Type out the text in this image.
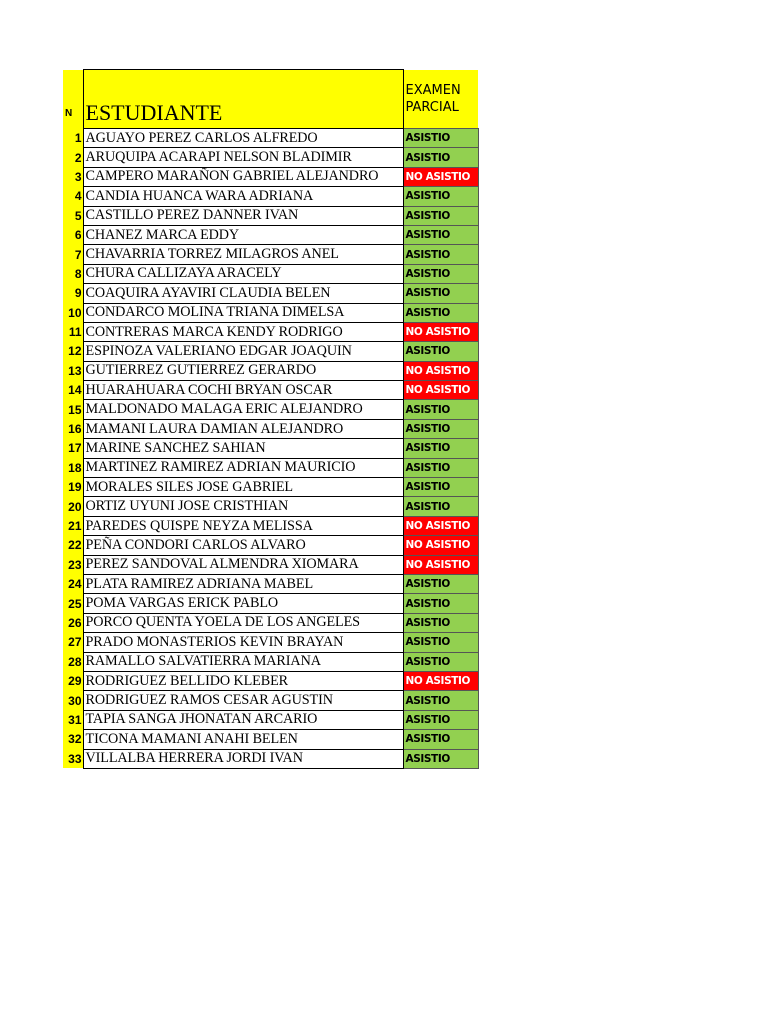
N	ESTUDIANTE	EXAMEN
PARCIAL
1	AGUAYO PEREZ CARLOS ALFREDO	ASISTIO
2	ARUQUIPA ACARAPI NELSON BLADIMIR	ASISTIO
3	CAMPERO MARAÑON GABRIEL ALEJANDRO	NO ASISTIO
4	CANDIA HUANCA WARA ADRIANA	ASISTIO
5	CASTILLO PEREZ DANNER IVAN	ASISTIO
6	CHANEZ MARCA EDDY	ASISTIO
7	CHAVARRIA TORREZ MILAGROS ANEL	ASISTIO
8	CHURA CALLIZAYA ARACELY	ASISTIO
9	COAQUIRA AYAVIRI CLAUDIA BELEN	ASISTIO
10	CONDARCO MOLINA TRIANA DIMELSA	ASISTIO
11	CONTRERAS MARCA KENDY RODRIGO	NO ASISTIO
12	ESPINOZA VALERIANO EDGAR JOAQUIN	ASISTIO
13	GUTIERREZ GUTIERREZ GERARDO	NO ASISTIO
14	HUARAHUARA COCHI BRYAN OSCAR	NO ASISTIO
15	MALDONADO MALAGA ERIC ALEJANDRO	ASISTIO
16	MAMANI LAURA DAMIAN ALEJANDRO	ASISTIO
17	MARINE SANCHEZ SAHIAN	ASISTIO
18	MARTINEZ RAMIREZ ADRIAN MAURICIO	ASISTIO
19	MORALES SILES JOSE GABRIEL	ASISTIO
20	ORTIZ UYUNI JOSE CRISTHIAN	ASISTIO
21	PAREDES QUISPE NEYZA MELISSA	NO ASISTIO
22	PEÑA CONDORI CARLOS ALVARO	NO ASISTIO
23	PEREZ SANDOVAL ALMENDRA XIOMARA	NO ASISTIO
24	PLATA RAMIREZ ADRIANA MABEL	ASISTIO
25	POMA VARGAS ERICK PABLO	ASISTIO
26	PORCO QUENTA YOELA DE LOS ANGELES	ASISTIO
27	PRADO MONASTERIOS KEVIN BRAYAN	ASISTIO
28	RAMALLO SALVATIERRA MARIANA	ASISTIO
29	RODRIGUEZ BELLIDO KLEBER	NO ASISTIO
30	RODRIGUEZ RAMOS CESAR AGUSTIN	ASISTIO
31	TAPIA SANGA JHONATAN ARCARIO	ASISTIO
32	TICONA MAMANI ANAHI BELEN	ASISTIO
33	VILLALBA HERRERA JORDI IVAN	ASISTIO
